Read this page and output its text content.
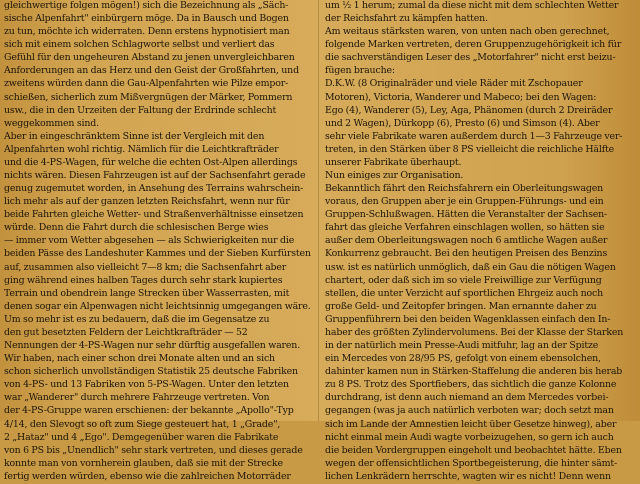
gleichwertige folgen mögen!) sich die Bezeichnung als „Säch-
sische Alpenfahrt" einbürgern möge. Da in Bausch und Bogen
zu tun, möchte ich widerraten. Denn erstens hypnotisiert man
sich mit einem solchen Schlagworte selbst und verliert das
Gefühl für den ungeheuren Abstand zu jenen unvergleichbaren
Anforderungen an das Herz und den Geist der Großfahrten, und
zweitens würden dann die Gau-Alpenfahrten wie Pilze empor-
schießen, sicherlich zum Mißvergnügen der Märker, Pommern
usw., die in den Urzeiten der Faltung der Erdrinde schlecht
weggekommen sind.
Aber in eingeschränktem Sinne ist der Vergleich mit den
Alpenfahrten wohl richtig. Nämlich für die Leichtkrafträder
und die 4-PS-Wagen, für welche die echten Ost-Alpen allerdings
nichts wären. Diesen Fahrzeugen ist auf der Sachsenfahrt gerade
genug zugemutet worden, in Ansehung des Terrains wahrschein-
lich mehr als auf der ganzen letzten Reichsfahrt, wenn nur für
beide Fahrten gleiche Wetter- und Straßenverhältnisse einsetzen
würde. Denn die Fahrt durch die schlesischen Berge wies
— immer vom Wetter abgesehen — als Schwierigkeiten nur die
beiden Pässe des Landeshuter Kammes und der Sieben Kurfürsten
auf, zusammen also vielleicht 7—8 km; die Sachsenfahrt aber
ging während eines halben Tages durch sehr stark kupiertes
Terrain und obendrein lange Strecken über Wasserrasten, mit
denen sogar ein Alpenwagen nicht leichtsinnig umgegangen wäre.
Um so mehr ist es zu bedauern, daß die im Gegensatze zu
den gut besetzten Feldern der Leichtkrafträder — 52
Nennungen der 4-PS-Wagen nur sehr dürftig ausgefallen waren.
Wir haben, nach einer schon drei Monate alten und an sich
schon sicherlich unvollständigen Statistik 25 deutsche Fabriken
von 4-PS- und 13 Fabriken von 5-PS-Wagen. Unter den letzten
war „Wanderer" durch mehrere Fahrzeuge vertreten. Von
der 4-PS-Gruppe waren erschienen: der bekannte „Apollo"-Typ
4/14, den Slevogt so oft zum Siege gesteuert hat, 1 „Grade",
2 „Hataz" und 4 „Ego". Demgegenüber waren die Fabrikate
von 6 PS bis „Unendlich" sehr stark vertreten, und dieses gerade
konnte man von vornherein glauben, daß sie mit der Strecke
fertig werden würden, ebenso wie die zahlreichen Motorräder
um ½ 1 herum; zumal da diese nicht mit dem schlechten Wetter
der Reichsfahrt zu kämpfen hatten.
Am weitaus stärksten waren, von unten nach oben gerechnet,
folgende Marken vertreten, deren Gruppenzugehörigkeit ich für
die sachverständigen Leser des „Motorfahrer" nicht erst beizu-
fügen brauche:
D.K.W. (8 Originalräder und viele Räder mit Zschopauer
Motoren), Victoria, Wanderer und Mabeco; bei den Wagen:
Ego (4), Wanderer (5), Ley, Aga, Phänomen (durch 2 Dreiräder
und 2 Wagen), Dürkopp (6), Presto (6) und Simson (4). Aber
sehr viele Fabrikate waren außerdem durch 1—3 Fahrzeuge ver-
treten, in den Stärken über 8 PS vielleicht die reichliche Hälfte
unserer Fabrikate überhaupt.
Nun einiges zur Organisation.
Bekanntlich fährt den Reichsfahrern ein Oberleitungswagen
voraus, den Gruppen aber je ein Gruppen-Führungs- und ein
Gruppen-Schlußwagen. Hätten die Veranstalter der Sachsen-
fahrt das gleiche Verfahren einschlagen wollen, so hätten sie
außer dem Oberleitungswagen noch 6 amtliche Wagen außer
Konkurrenz gebraucht. Bei den heutigen Preisen des Benzins
usw. ist es natürlich unmöglich, daß ein Gau die nötigen Wagen
chartert, oder daß sich im so viele Freiwillige zur Verfügung
stellen, die unter Verzicht auf sportlichen Ehrgeiz auch noch
große Geld- und Zeitopfer bringen. Man ernannte daher zu
Gruppenführern bei den beiden Wagenklassen einfach den In-
haber des größten Zylindervolumens. Bei der Klasse der Starken
in der natürlich mein Presse-Audi mitfuhr, lag an der Spitze
ein Mercedes von 28/95 PS, gefolgt von einem ebensolchen,
dahinter kamen nun in Stärken-Staffelung die anderen bis herab
zu 8 PS. Trotz des Sportfiebers, das sichtlich die ganze Kolonne
durchdrang, ist denn auch niemand an dem Mercedes vorbei-
gegangen (was ja auch natürlich verboten war; doch setzt man
sich im Lande der Amnestien leicht über Gesetze hinweg), aber
nicht einmal mein Audi wagte vorbeizugehen, so gern ich auch
die beiden Vordergruppen eingeholt und beobachtet hätte. Eben
wegen der offensichtlichen Sportbegeisterung, die hinter sämt-
lichen Lenkrädern herrschte, wagten wir es nicht! Denn wenn
